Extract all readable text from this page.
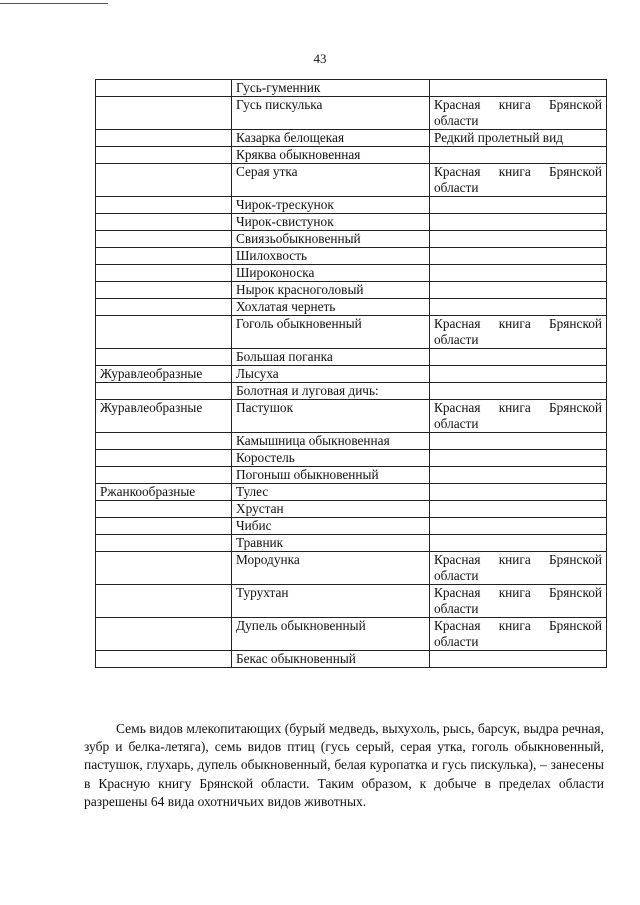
43
	Гусь-гуменник	
	Гусь пискулька	Красная книга Брянской области
	Казарка белощекая	Редкий пролетный вид
	Кряква обыкновенная	
	Серая утка	Красная книга Брянской области
	Чирок-трескунок	
	Чирок-свистунок	
	Свиязьобыкновенный	
	Шилохвость	
	Широконоска	
	Нырок красноголовый	
	Хохлатая чернеть	
	Гоголь обыкновенный	Красная книга Брянской области
	Большая поганка	
Журавлеобразные	Лысуха	
	Болотная и луговая дичь:	
Журавлеобразные	Пастушок	Красная книга Брянской области
	Камышница обыкновенная	
	Коростель	
	Погоныш обыкновенный	
Ржанкообразные	Тулес	
	Хрустан	
	Чибис	
	Травник	
	Мородунка	Красная книга Брянской области
	Турухтан	Красная книга Брянской области
	Дупель обыкновенный	Красная книга Брянской области
	Бекас обыкновенный	

Семь видов млекопитающих (бурый медведь, выхухоль, рысь, барсук, выдра речная, зубр и белка-летяга), семь видов птиц (гусь серый, серая утка, гоголь обыкновенный, пастушок, глухарь, дупель обыкновенный, белая куропатка и гусь пискулька), – занесены в Красную книгу Брянской области. Таким образом, к добыче в пределах области разрешены 64 вида охотничьих видов животных.
